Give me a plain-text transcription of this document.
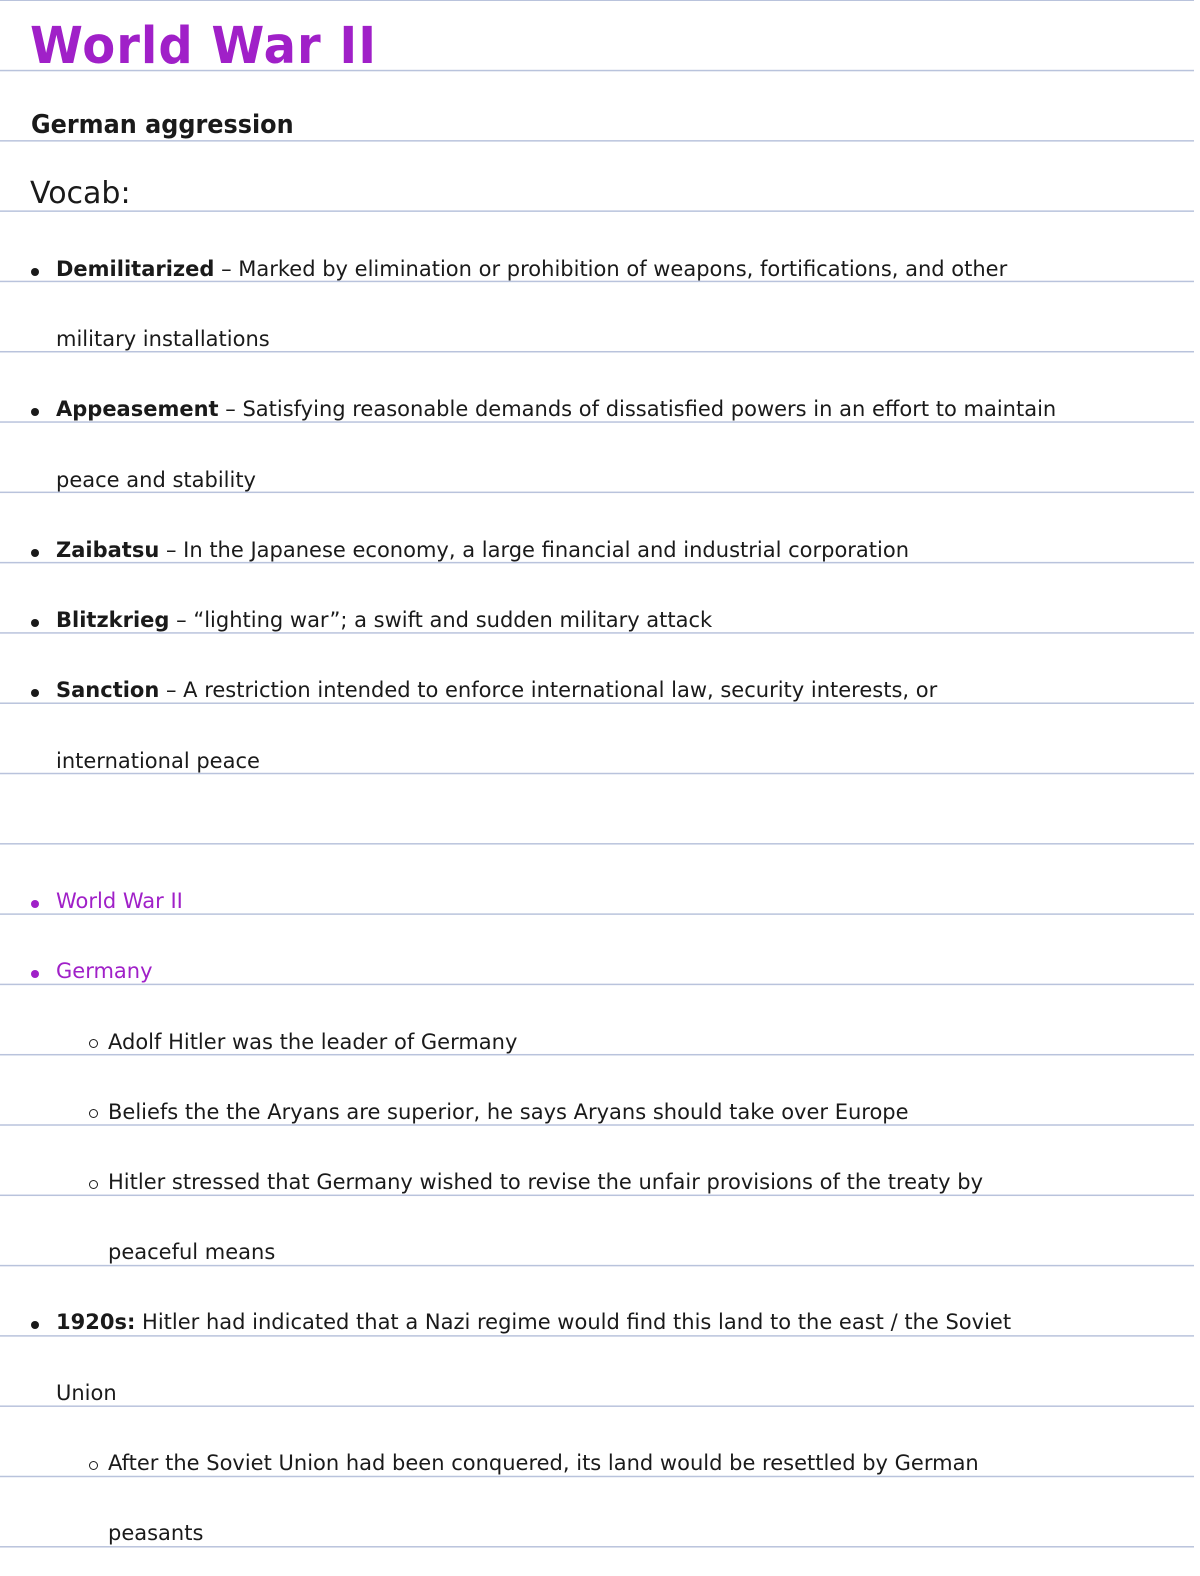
World War II
German aggression
Vocab:
Demilitarized – Marked by elimination or prohibition of weapons, fortifications, and other
military installations
Appeasement – Satisfying reasonable demands of dissatisfied powers in an effort to maintain
peace and stability
Zaibatsu – In the Japanese economy, a large financial and industrial corporation
Blitzkrieg – “lighting war”; a swift and sudden military attack
Sanction – A restriction intended to enforce international law, security interests, or
international peace
World War II
Germany
Adolf Hitler was the leader of Germany
Beliefs the the Aryans are superior, he says Aryans should take over Europe
Hitler stressed that Germany wished to revise the unfair provisions of the treaty by
peaceful means
1920s: Hitler had indicated that a Nazi regime would find this land to the east / the Soviet
Union
After the Soviet Union had been conquered, its land would be resettled by German
peasants
